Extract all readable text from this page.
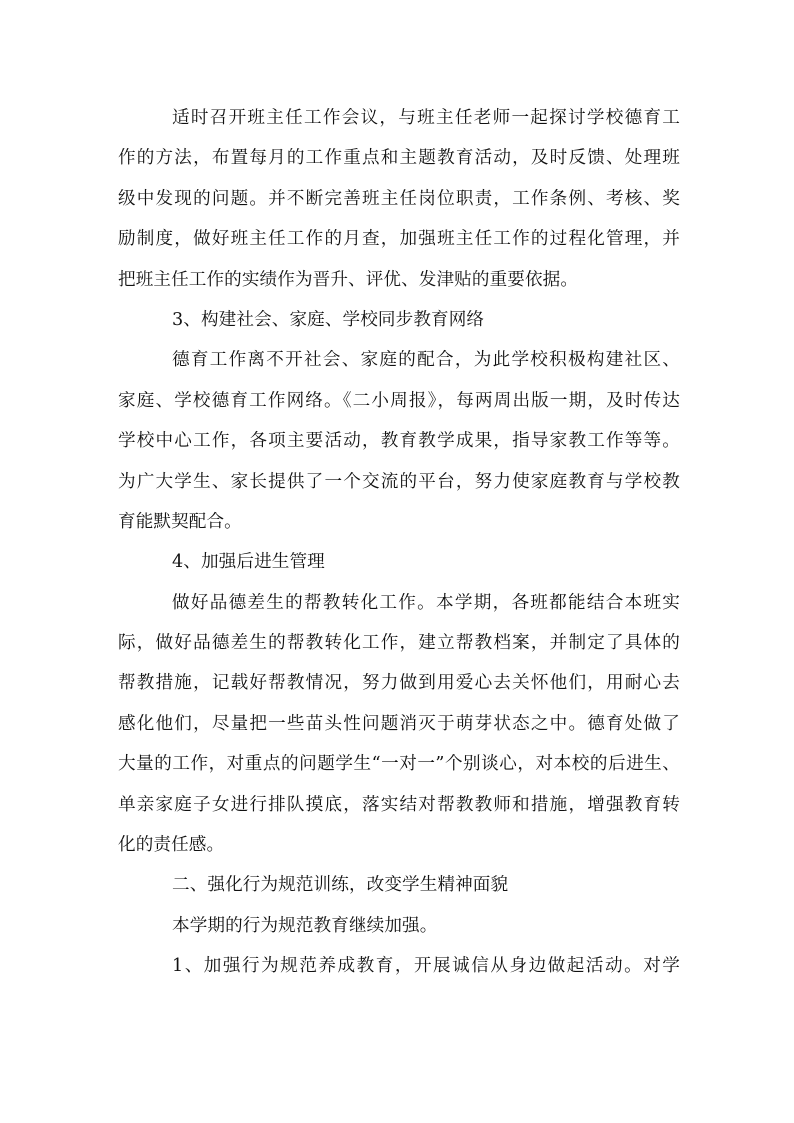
适时召开班主任工作会议，与班主任老师一起探讨学校德育工
作的方法，布置每月的工作重点和主题教育活动，及时反馈、处理班
级中发现的问题。并不断完善班主任岗位职责，工作条例、考核、奖
励制度，做好班主任工作的月查，加强班主任工作的过程化管理，并
把班主任工作的实绩作为晋升、评优、发津贴的重要依据。
3、构建社会、家庭、学校同步教育网络
德育工作离不开社会、家庭的配合，为此学校积极构建社区、
家庭、学校德育工作网络。《二小周报》，每两周出版一期，及时传达
学校中心工作，各项主要活动，教育教学成果，指导家教工作等等。
为广大学生、家长提供了一个交流的平台，努力使家庭教育与学校教
育能默契配合。
4、加强后进生管理
做好品德差生的帮教转化工作。本学期，各班都能结合本班实
际，做好品德差生的帮教转化工作，建立帮教档案，并制定了具体的
帮教措施，记载好帮教情况，努力做到用爱心去关怀他们，用耐心去
感化他们，尽量把一些苗头性问题消灭于萌芽状态之中。德育处做了
大量的工作，对重点的问题学生“一对一”个别谈心，对本校的后进生、
单亲家庭子女进行排队摸底，落实结对帮教教师和措施，增强教育转
化的责任感。
二、强化行为规范训练，改变学生精神面貌
本学期的行为规范教育继续加强。
1、加强行为规范养成教育，开展诚信从身边做起活动。对学
